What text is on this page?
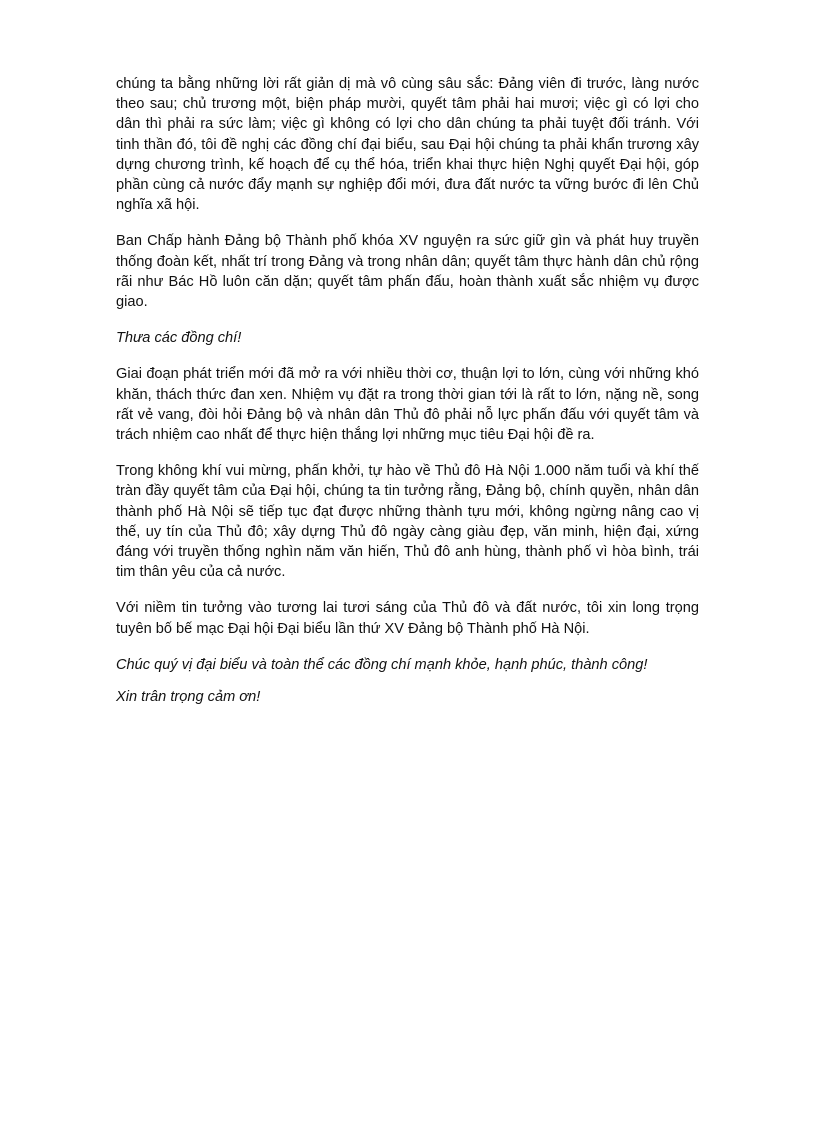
chúng ta bằng những lời rất giản dị mà vô cùng sâu sắc: Đảng viên đi trước, làng nước theo sau; chủ trương một, biện pháp mười, quyết tâm phải hai mươi; việc gì có lợi cho dân thì phải ra sức làm; việc gì không có lợi cho dân chúng ta phải tuyệt đối tránh. Với tinh thần đó, tôi đề nghị các đồng chí đại biểu, sau Đại hội chúng ta phải khẩn trương xây dựng chương trình, kế hoạch để cụ thể hóa, triển khai thực hiện Nghị quyết Đại hội, góp phần cùng cả nước đẩy mạnh sự nghiệp đổi mới, đưa đất nước ta vững bước đi lên Chủ nghĩa xã hội.

Ban Chấp hành Đảng bộ Thành phố khóa XV nguyện ra sức giữ gìn và phát huy truyền thống đoàn kết, nhất trí trong Đảng và trong nhân dân; quyết tâm thực hành dân chủ rộng rãi như Bác Hồ luôn căn dặn; quyết tâm phấn đấu, hoàn thành xuất sắc nhiệm vụ được giao.

Thưa các đồng chí!

Giai đoạn phát triển mới đã mở ra với nhiều thời cơ, thuận lợi to lớn, cùng với những khó khăn, thách thức đan xen. Nhiệm vụ đặt ra trong thời gian tới là rất to lớn, nặng nề, song rất vẻ vang, đòi hỏi Đảng bộ và nhân dân Thủ đô phải nỗ lực phấn đấu với quyết tâm và trách nhiệm cao nhất để thực hiện thắng lợi những mục tiêu Đại hội đề ra.

Trong không khí vui mừng, phấn khởi, tự hào về Thủ đô Hà Nội 1.000 năm tuổi và khí thế tràn đầy quyết tâm của Đại hội, chúng ta tin tưởng rằng, Đảng bộ, chính quyền, nhân dân thành phố Hà Nội sẽ tiếp tục đạt được những thành tựu mới, không ngừng nâng cao vị thế, uy tín của Thủ đô; xây dựng Thủ đô ngày càng giàu đẹp, văn minh, hiện đại, xứng đáng với truyền thống nghìn năm văn hiến, Thủ đô anh hùng, thành phố vì hòa bình, trái tim thân yêu của cả nước.

Với niềm tin tưởng vào tương lai tươi sáng của Thủ đô và đất nước, tôi xin long trọng tuyên bố bế mạc Đại hội Đại biểu lần thứ XV Đảng bộ Thành phố Hà Nội.

Chúc quý vị đại biểu và toàn thể các đồng chí mạnh khỏe, hạnh phúc, thành công!

Xin trân trọng cảm ơn!
